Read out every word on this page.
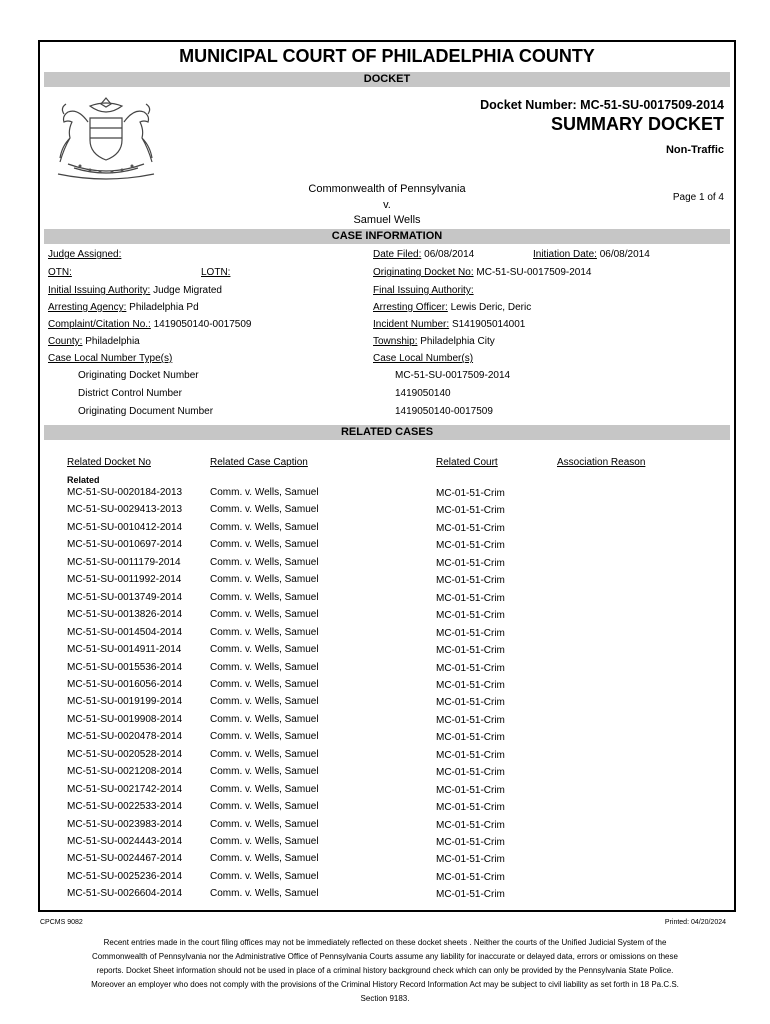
MUNICIPAL COURT OF PHILADELPHIA COUNTY
DOCKET
Docket Number: MC-51-SU-0017509-2014
SUMMARY DOCKET
Non-Traffic
Commonwealth of Pennsylvania
v.
Samuel Wells
Page 1 of 4
CASE INFORMATION
Judge Assigned:	Date Filed: 06/08/2014	Initiation Date: 06/08/2014
OTN:	LOTN:	Originating Docket No: MC-51-SU-0017509-2014
Initial Issuing Authority: Judge Migrated	Final Issuing Authority:
Arresting Agency: Philadelphia Pd	Arresting Officer: Lewis Deric, Deric
Complaint/Citation No.: 1419050140-0017509	Incident Number: S141905014001
County: Philadelphia	Township: Philadelphia City
Case Local Number Type(s)	Case Local Number(s)
Originating Docket Number	MC-51-SU-0017509-2014
District Control Number	1419050140
Originating Document Number	1419050140-0017509
RELATED CASES
Related Docket No	Related Case Caption	Related Court	Association Reason
Related
MC-51-SU-0020184-2013	Comm. v. Wells, Samuel	MC-01-51-Crim
MC-51-SU-0029413-2013	Comm. v. Wells, Samuel	MC-01-51-Crim
MC-51-SU-0010412-2014	Comm. v. Wells, Samuel	MC-01-51-Crim
MC-51-SU-0010697-2014	Comm. v. Wells, Samuel	MC-01-51-Crim
MC-51-SU-0011179-2014	Comm. v. Wells, Samuel	MC-01-51-Crim
MC-51-SU-0011992-2014	Comm. v. Wells, Samuel	MC-01-51-Crim
MC-51-SU-0013749-2014	Comm. v. Wells, Samuel	MC-01-51-Crim
MC-51-SU-0013826-2014	Comm. v. Wells, Samuel	MC-01-51-Crim
MC-51-SU-0014504-2014	Comm. v. Wells, Samuel	MC-01-51-Crim
MC-51-SU-0014911-2014	Comm. v. Wells, Samuel	MC-01-51-Crim
MC-51-SU-0015536-2014	Comm. v. Wells, Samuel	MC-01-51-Crim
MC-51-SU-0016056-2014	Comm. v. Wells, Samuel	MC-01-51-Crim
MC-51-SU-0019199-2014	Comm. v. Wells, Samuel	MC-01-51-Crim
MC-51-SU-0019908-2014	Comm. v. Wells, Samuel	MC-01-51-Crim
MC-51-SU-0020478-2014	Comm. v. Wells, Samuel	MC-01-51-Crim
MC-51-SU-0020528-2014	Comm. v. Wells, Samuel	MC-01-51-Crim
MC-51-SU-0021208-2014	Comm. v. Wells, Samuel	MC-01-51-Crim
MC-51-SU-0021742-2014	Comm. v. Wells, Samuel	MC-01-51-Crim
MC-51-SU-0022533-2014	Comm. v. Wells, Samuel	MC-01-51-Crim
MC-51-SU-0023983-2014	Comm. v. Wells, Samuel	MC-01-51-Crim
MC-51-SU-0024443-2014	Comm. v. Wells, Samuel	MC-01-51-Crim
MC-51-SU-0024467-2014	Comm. v. Wells, Samuel	MC-01-51-Crim
MC-51-SU-0025236-2014	Comm. v. Wells, Samuel	MC-01-51-Crim
MC-51-SU-0026604-2014	Comm. v. Wells, Samuel	MC-01-51-Crim
CPCMS 9082	Printed: 04/20/2024
Recent entries made in the court filing offices may not be immediately reflected on these docket sheets . Neither the courts of the Unified Judicial System of the Commonwealth of Pennsylvania nor the Administrative Office of Pennsylvania Courts assume any liability for inaccurate or delayed data, errors or omissions on these reports. Docket Sheet information should not be used in place of a criminal history background check which can only be provided by the Pennsylvania State Police. Moreover an employer who does not comply with the provisions of the Criminal History Record Information Act may be subject to civil liability as set forth in 18 Pa.C.S. Section 9183.
